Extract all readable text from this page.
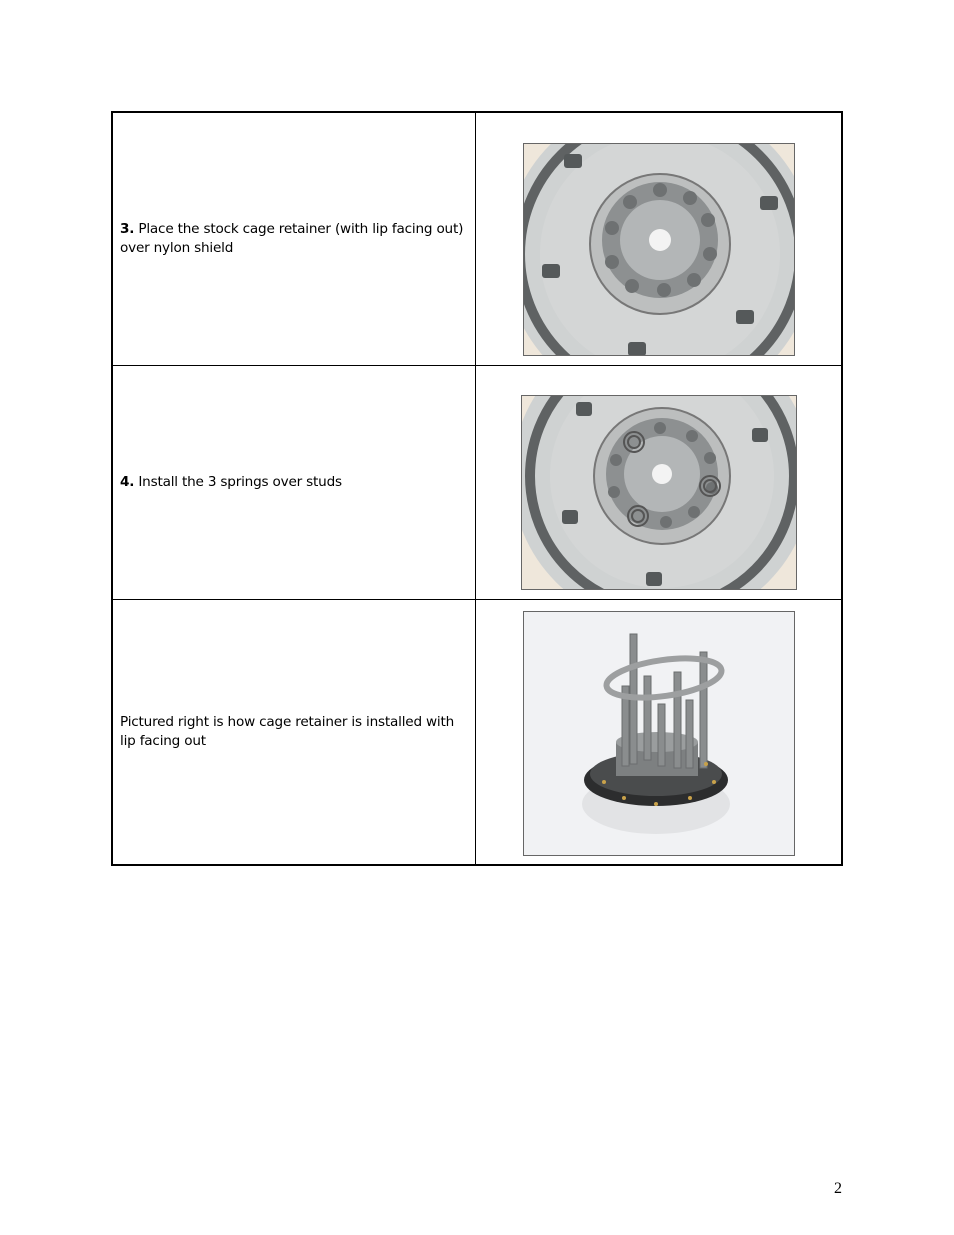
3. Place the stock cage retainer (with lip facing out) over nylon shield

4. Install the 3 springs over studs

Pictured right is how cage retainer is installed with lip facing out

2
